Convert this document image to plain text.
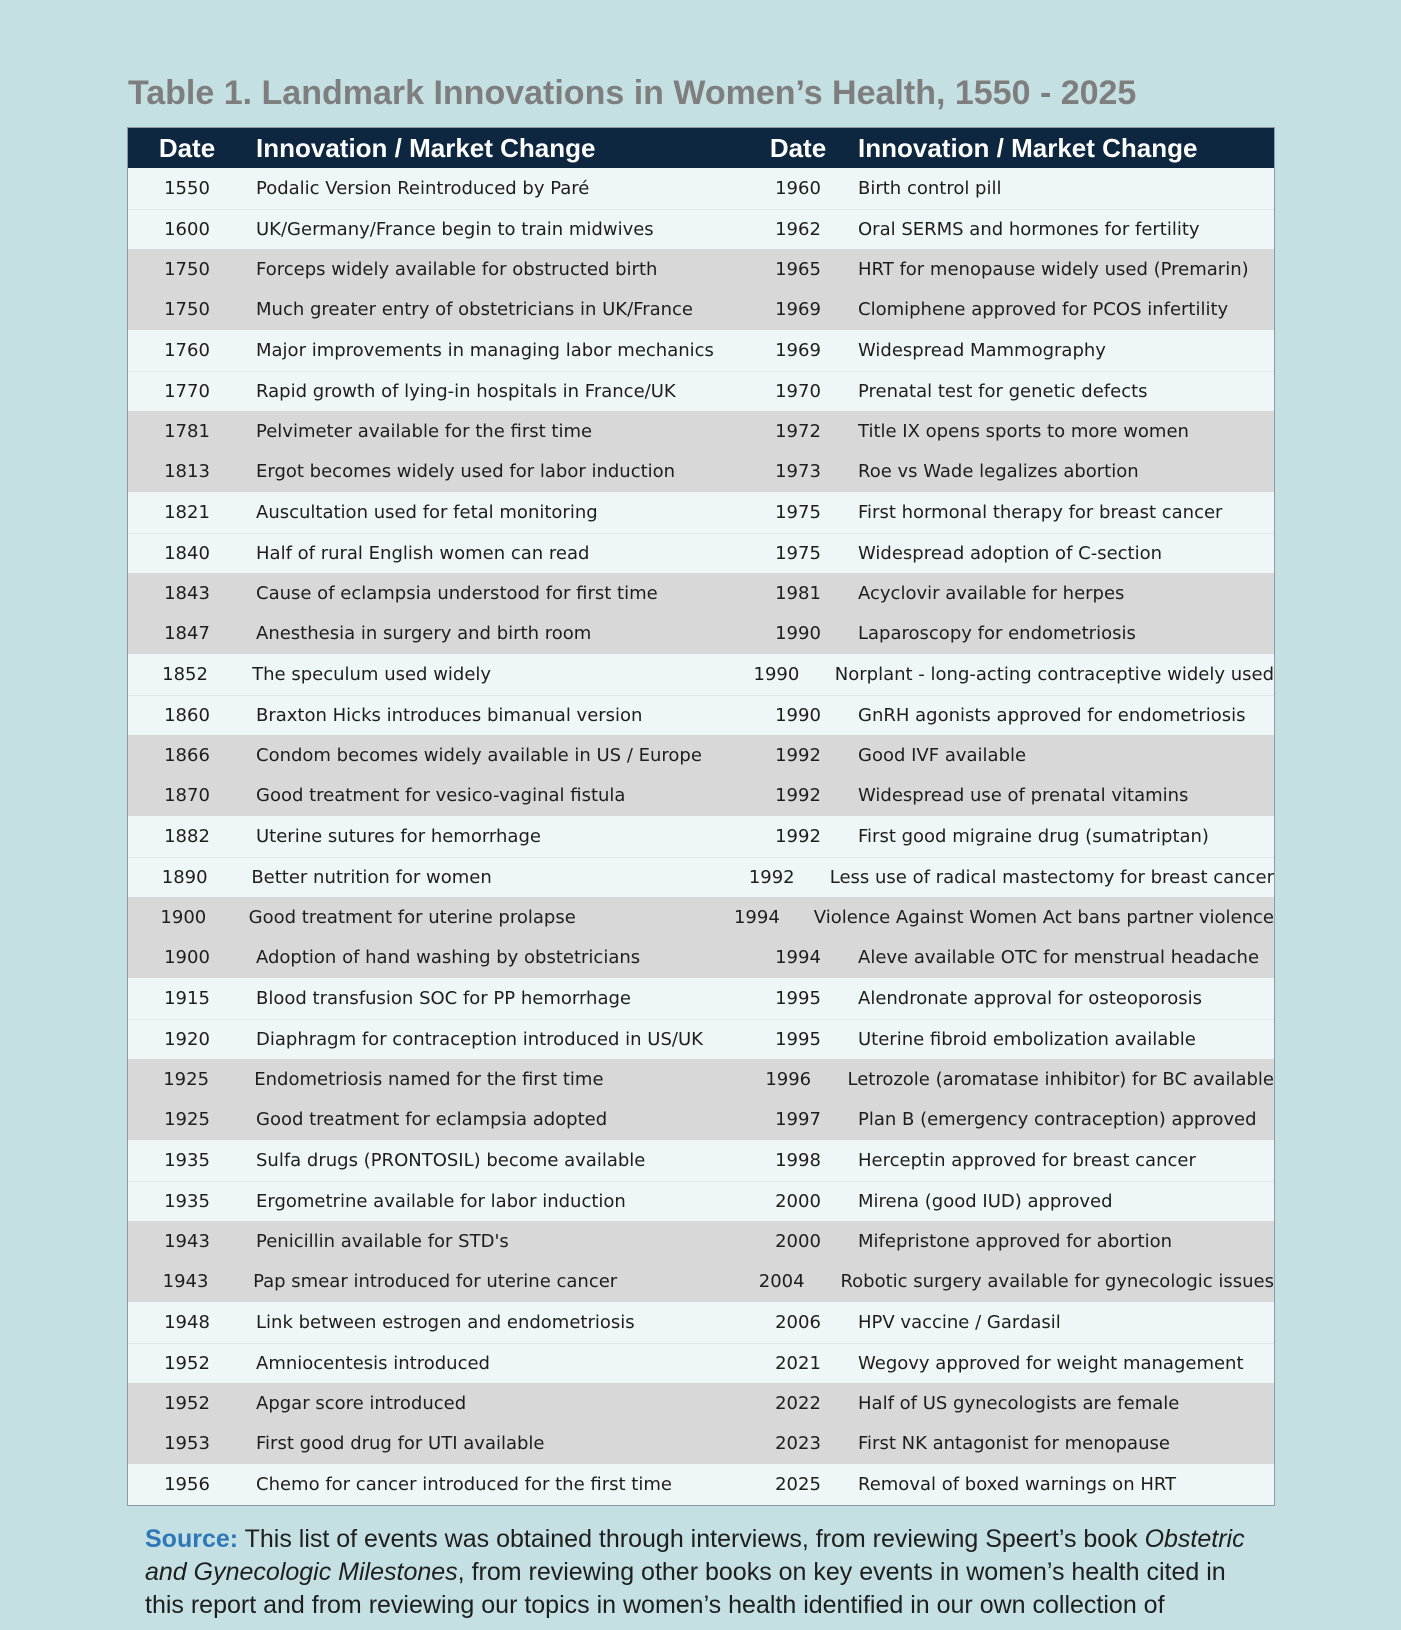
Table 1. Landmark Innovations in Women’s Health, 1550 - 2025
Date	Innovation / Market Change	Date	Innovation / Market Change
1550	Podalic Version Reintroduced by Paré	1960	Birth control pill
1600	UK/Germany/France begin to train midwives	1962	Oral SERMS and hormones for fertility
1750	Forceps widely available for obstructed birth	1965	HRT for menopause widely used (Premarin)
1750	Much greater entry of obstetricians in UK/France	1969	Clomiphene approved for PCOS infertility
1760	Major improvements in managing labor mechanics	1969	Widespread Mammography
1770	Rapid growth of lying-in hospitals in France/UK	1970	Prenatal test for genetic defects
1781	Pelvimeter available for the first time	1972	Title IX opens sports to more women
1813	Ergot becomes widely used for labor induction	1973	Roe vs Wade legalizes abortion
1821	Auscultation used for fetal monitoring	1975	First hormonal therapy for breast cancer
1840	Half of rural English women can read	1975	Widespread adoption of C-section
1843	Cause of eclampsia understood for first time	1981	Acyclovir available for herpes
1847	Anesthesia in surgery and birth room	1990	Laparoscopy for endometriosis
1852	The speculum used widely	1990	Norplant - long-acting contraceptive widely used
1860	Braxton Hicks introduces bimanual version	1990	GnRH agonists approved for endometriosis
1866	Condom becomes widely available in US / Europe	1992	Good IVF available
1870	Good treatment for vesico-vaginal fistula	1992	Widespread use of prenatal vitamins
1882	Uterine sutures for hemorrhage	1992	First good migraine drug (sumatriptan)
1890	Better nutrition for women	1992	Less use of radical mastectomy for breast cancer
1900	Good treatment for uterine prolapse	1994	Violence Against Women Act bans partner violence
1900	Adoption of hand washing by obstetricians	1994	Aleve available OTC for menstrual headache
1915	Blood transfusion SOC for PP hemorrhage	1995	Alendronate approval for osteoporosis
1920	Diaphragm for contraception introduced in US/UK	1995	Uterine fibroid embolization available
1925	Endometriosis named for the first time	1996	Letrozole (aromatase inhibitor) for BC available
1925	Good treatment for eclampsia adopted	1997	Plan B (emergency contraception) approved
1935	Sulfa drugs (PRONTOSIL) become available	1998	Herceptin approved for breast cancer
1935	Ergometrine available for labor induction	2000	Mirena (good IUD) approved
1943	Penicillin available for STD's	2000	Mifepristone approved for abortion
1943	Pap smear introduced for uterine cancer	2004	Robotic surgery available for gynecologic issues
1948	Link between estrogen and endometriosis	2006	HPV vaccine / Gardasil
1952	Amniocentesis introduced	2021	Wegovy approved for weight management
1952	Apgar score introduced	2022	Half of US gynecologists are female
1953	First good drug for UTI available	2023	First NK antagonist for menopause
1956	Chemo for cancer introduced for the first time	2025	Removal of boxed warnings on HRT
Source: This list of events was obtained through interviews, from reviewing Speert’s book Obstetric and Gynecologic Milestones, from reviewing other books on key events in women’s health cited in this report and from reviewing our topics in women’s health identified in our own collection of
